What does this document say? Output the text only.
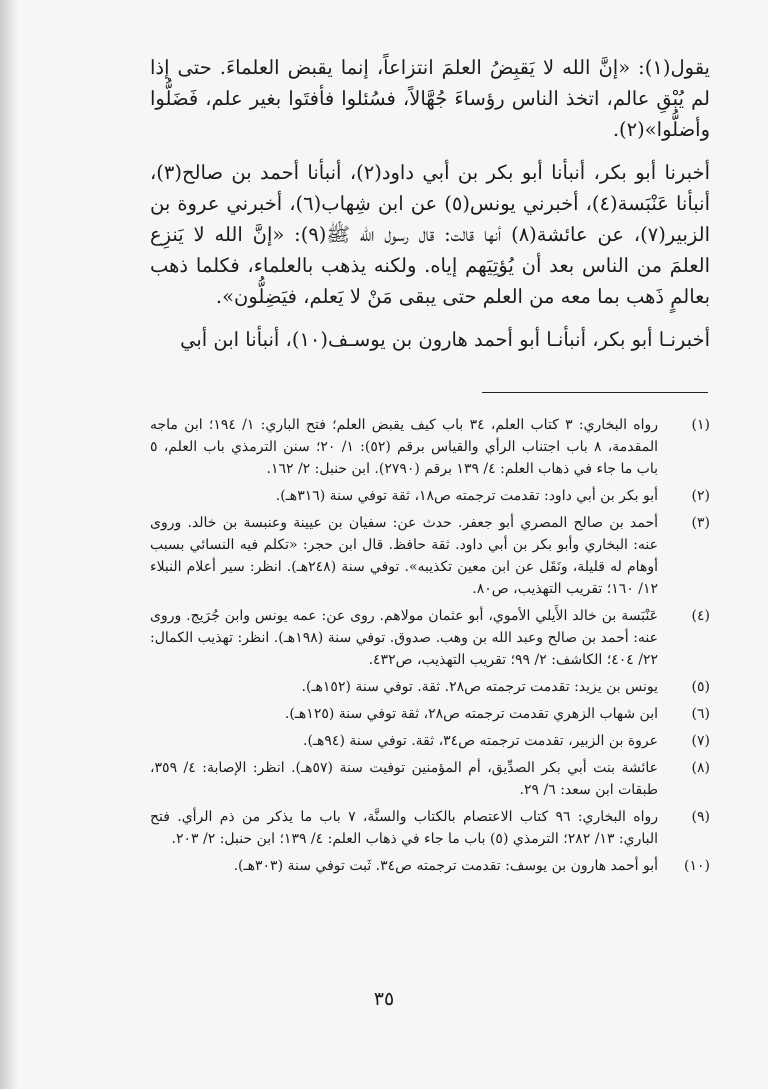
يقول(١): «إنَّ الله لا يَقبِضُ العلمَ انتزاعاً، إنما يقبض العلماءَ. حتى إذا لم يُبْقِ عالم، اتخذ الناس رؤساءَ جُهَّالاً، فسُئلوا فأفتَوا بغير علم، فَضَلُّوا وأضلُّوا»(٢).

أخبرنا أبو بكر، أنبأنا أبو بكر بن أبي داود(٢)، أنبأنا أحمد بن صالح(٣)، أنبأنا عَنْبَسة(٤)، أخبرني يونس(٥) عن ابن شِهاب(٦)، أخبرني عروة بن الزبير(٧)، عن عائشة(٨) أنها قالت: قال رسول الله ﷺ(٩): «إنَّ الله لا يَنزِع العلمَ من الناس بعد أن يُؤتِيَهم إياه. ولكنه يذهب بالعلماء، فكلما ذهب بعالمٍ ذَهب بما معه من العلم حتى يبقى مَنْ لا يَعلم، فيَضِلُّون».

أخبرنـا أبو بكر، أنبأنـا أبو أحمد هارون بن يوسـف(١٠)، أنبأنا ابن أبي

(١)
رواه البخاري: ٣ كتاب العلم، ٣٤ باب كيف يقبض العلم؛ فتح الباري: ١/ ١٩٤؛ ابن ماجه المقدمة، ٨ باب اجتناب الرأي والقياس برقم (٥٢): ١/ ٢٠؛ سنن الترمذي باب العلم، ٥ باب ما جاء في ذهاب العلم: ٤/ ١٣٩ برقم (٢٧٩٠). ابن حنبل: ٢/ ١٦٢.
(٢)
أبو بكر بن أبي داود: تقدمت ترجمته ص١٨، ثقة توفي سنة (٣١٦هـ).
(٣)
أحمد بن صالح المصري أبو جعفر. حدث عن: سفيان بن عيينة وعنبسة بن خالد. وروى عنه: البخاري وأبو بكر بن أبي داود. ثقة حافظ. قال ابن حجر: «تكلم فيه النسائي بسبب أوهام له قليلة، ونَقَل عن ابن معين تكذيبه». توفي سنة (٢٤٨هـ). انظر: سير أعلام النبلاء ١٢/ ١٦٠؛ تقريب التهذيب، ص٨٠.
(٤)
عَنْبَسة بن خالد الأَيلي الأموي، أبو عثمان مولاهم. روى عن: عمه يونس وابن جُرَيج. وروى عنه: أحمد بن صالح وعبد الله بن وهب. صدوق. توفي سنة (١٩٨هـ). انظر: تهذيب الكمال: ٢٢/ ٤٠٤؛ الكاشف: ٢/ ٩٩؛ تقريب التهذيب، ص٤٣٢.
(٥)
يونس بن يزيد: تقدمت ترجمته ص٢٨. ثقة. توفي سنة (١٥٢هـ).
(٦)
ابن شهاب الزهري تقدمت ترجمته ص٢٨، ثقة توفي سنة (١٢٥هـ).
(٧)
عروة بن الزبير، تقدمت ترجمته ص٣٤، ثقة. توفي سنة (٩٤هـ).
(٨)
عائشة بنت أبي بكر الصدِّيق، أم المؤمنين توفيت سنة (٥٧هـ). انظر: الإصابة: ٤/ ٣٥٩، طبقات ابن سعد: ٦/ ٢٩.
(٩)
رواه البخاري: ٩٦ كتاب الاعتصام بالكتاب والسنَّة، ٧ باب ما يذكر من ذم الرأي. فتح الباري: ١٣/ ٢٨٢؛ الترمذي (٥) باب ما جاء في ذهاب العلم: ٤/ ١٣٩؛ ابن حنبل: ٢/ ٢٠٣.
(١٠)
أبو أحمد هارون بن يوسف: تقدمت ترجمته ص٣٤. ثَبت توفي سنة (٣٠٣هـ).
٣٥
